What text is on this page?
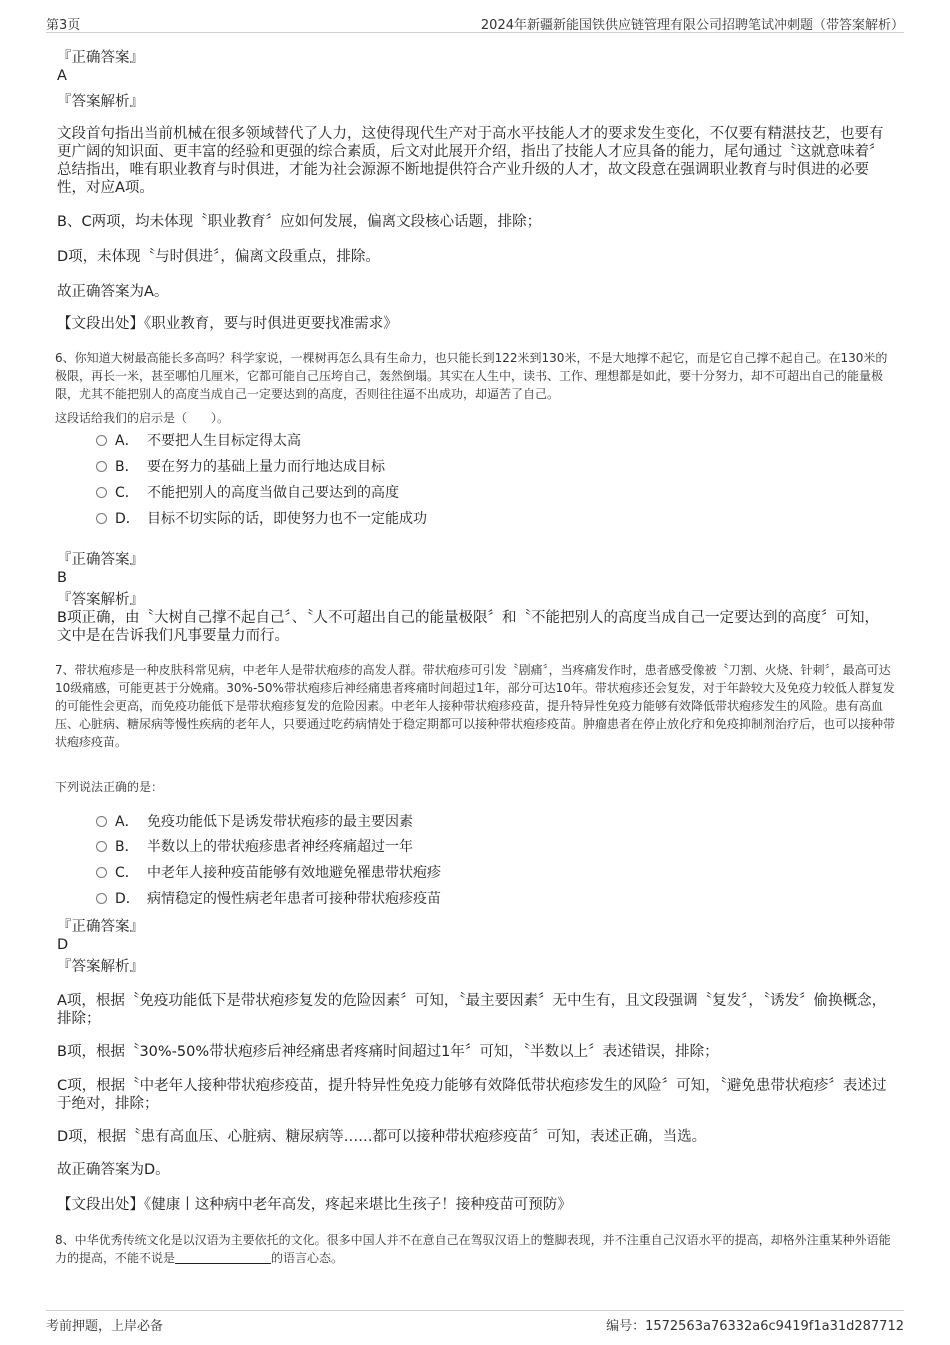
第3页	2024年新疆新能国铁供应链管理有限公司招聘笔试冲刺题（带答案解析）

『正确答案』

A

『答案解析』

文段首句指出当前机械在很多领域替代了人力，这使得现代生产对于高水平技能人才的要求发生变化，不仅要有精湛技艺，也要有更广阔的知识面、更丰富的经验和更强的综合素质，后文对此展开介绍，指出了技能人才应具备的能力，尾句通过〝这就意味着〞总结指出，唯有职业教育与时俱进，才能为社会源源不断地提供符合产业升级的人才，故文段意在强调职业教育与时俱进的必要性，对应A项。

B、C两项，均未体现〝职业教育〞应如何发展，偏离文段核心话题，排除；

D项，未体现〝与时俱进〞，偏离文段重点，排除。

故正确答案为A。

【文段出处】《职业教育，要与时俱进更要找准需求》

6、你知道大树最高能长多高吗？科学家说，一棵树再怎么具有生命力，也只能长到122米到130米，不是大地撑不起它，而是它自己撑不起自己。在130米的极限，再长一米，甚至哪怕几厘米，它都可能自己压垮自己，轰然倒塌。其实在人生中，读书、工作、理想都是如此，要十分努力，却不可超出自己的能量极限，尤其不能把别人的高度当成自己一定要达到的高度，否则往往逼不出成功，却逼苦了自己。

这段话给我们的启示是（　　）。

A． 不要把人生目标定得太高
B． 要在努力的基础上量力而行地达成目标
C． 不能把别人的高度当做自己要达到的高度
D． 目标不切实际的话，即使努力也不一定能成功

『正确答案』

B

『答案解析』

B项正确，由〝大树自己撑不起自己〞、〝人不可超出自己的能量极限〞和〝不能把别人的高度当成自己一定要达到的高度〞可知，文中是在告诉我们凡事要量力而行。

7、带状疱疹是一种皮肤科常见病，中老年人是带状疱疹的高发人群。带状疱疹可引发〝剧痛〞，当疼痛发作时，患者感受像被〝刀割、火烧、针刺〞，最高可达10级痛感，可能更甚于分娩痛。30%-50%带状疱疹后神经痛患者疼痛时间超过1年，部分可达10年。带状疱疹还会复发，对于年龄较大及免疫力较低人群复发的可能性会更高，而免疫功能低下是带状疱疹复发的危险因素。中老年人接种带状疱疹疫苗，提升特异性免疫力能够有效降低带状疱疹发生的风险。患有高血压、心脏病、糖尿病等慢性疾病的老年人，只要通过吃药病情处于稳定期都可以接种带状疱疹疫苗。肿瘤患者在停止放化疗和免疫抑制剂治疗后，也可以接种带状疱疹疫苗。

下列说法正确的是：

A． 免疫功能低下是诱发带状疱疹的最主要因素
B． 半数以上的带状疱疹患者神经疼痛超过一年
C． 中老年人接种疫苗能够有效地避免罹患带状疱疹
D． 病情稳定的慢性病老年患者可接种带状疱疹疫苗

『正确答案』

D

『答案解析』

A项，根据〝免疫功能低下是带状疱疹复发的危险因素〞可知，〝最主要因素〞无中生有，且文段强调〝复发〞，〝诱发〞偷换概念，排除；

B项，根据〝30%-50%带状疱疹后神经痛患者疼痛时间超过1年〞可知，〝半数以上〞表述错误，排除；

C项，根据〝中老年人接种带状疱疹疫苗，提升特异性免疫力能够有效降低带状疱疹发生的风险〞可知，〝避免患带状疱疹〞表述过于绝对，排除；

D项，根据〝患有高血压、心脏病、糖尿病等……都可以接种带状疱疹疫苗〞可知，表述正确，当选。

故正确答案为D。

【文段出处】《健康丨这种病中老年高发，疼起来堪比生孩子！接种疫苗可预防》

8、中华优秀传统文化是以汉语为主要依托的文化。很多中国人并不在意自己在驾驭汉语上的蹩脚表现，并不注重自己汉语水平的提高，却格外注重某种外语能力的提高，不能不说是	的语言心态。

考前押题，上岸必备	编号：1572563a76332a6c9419f1a31d287712
